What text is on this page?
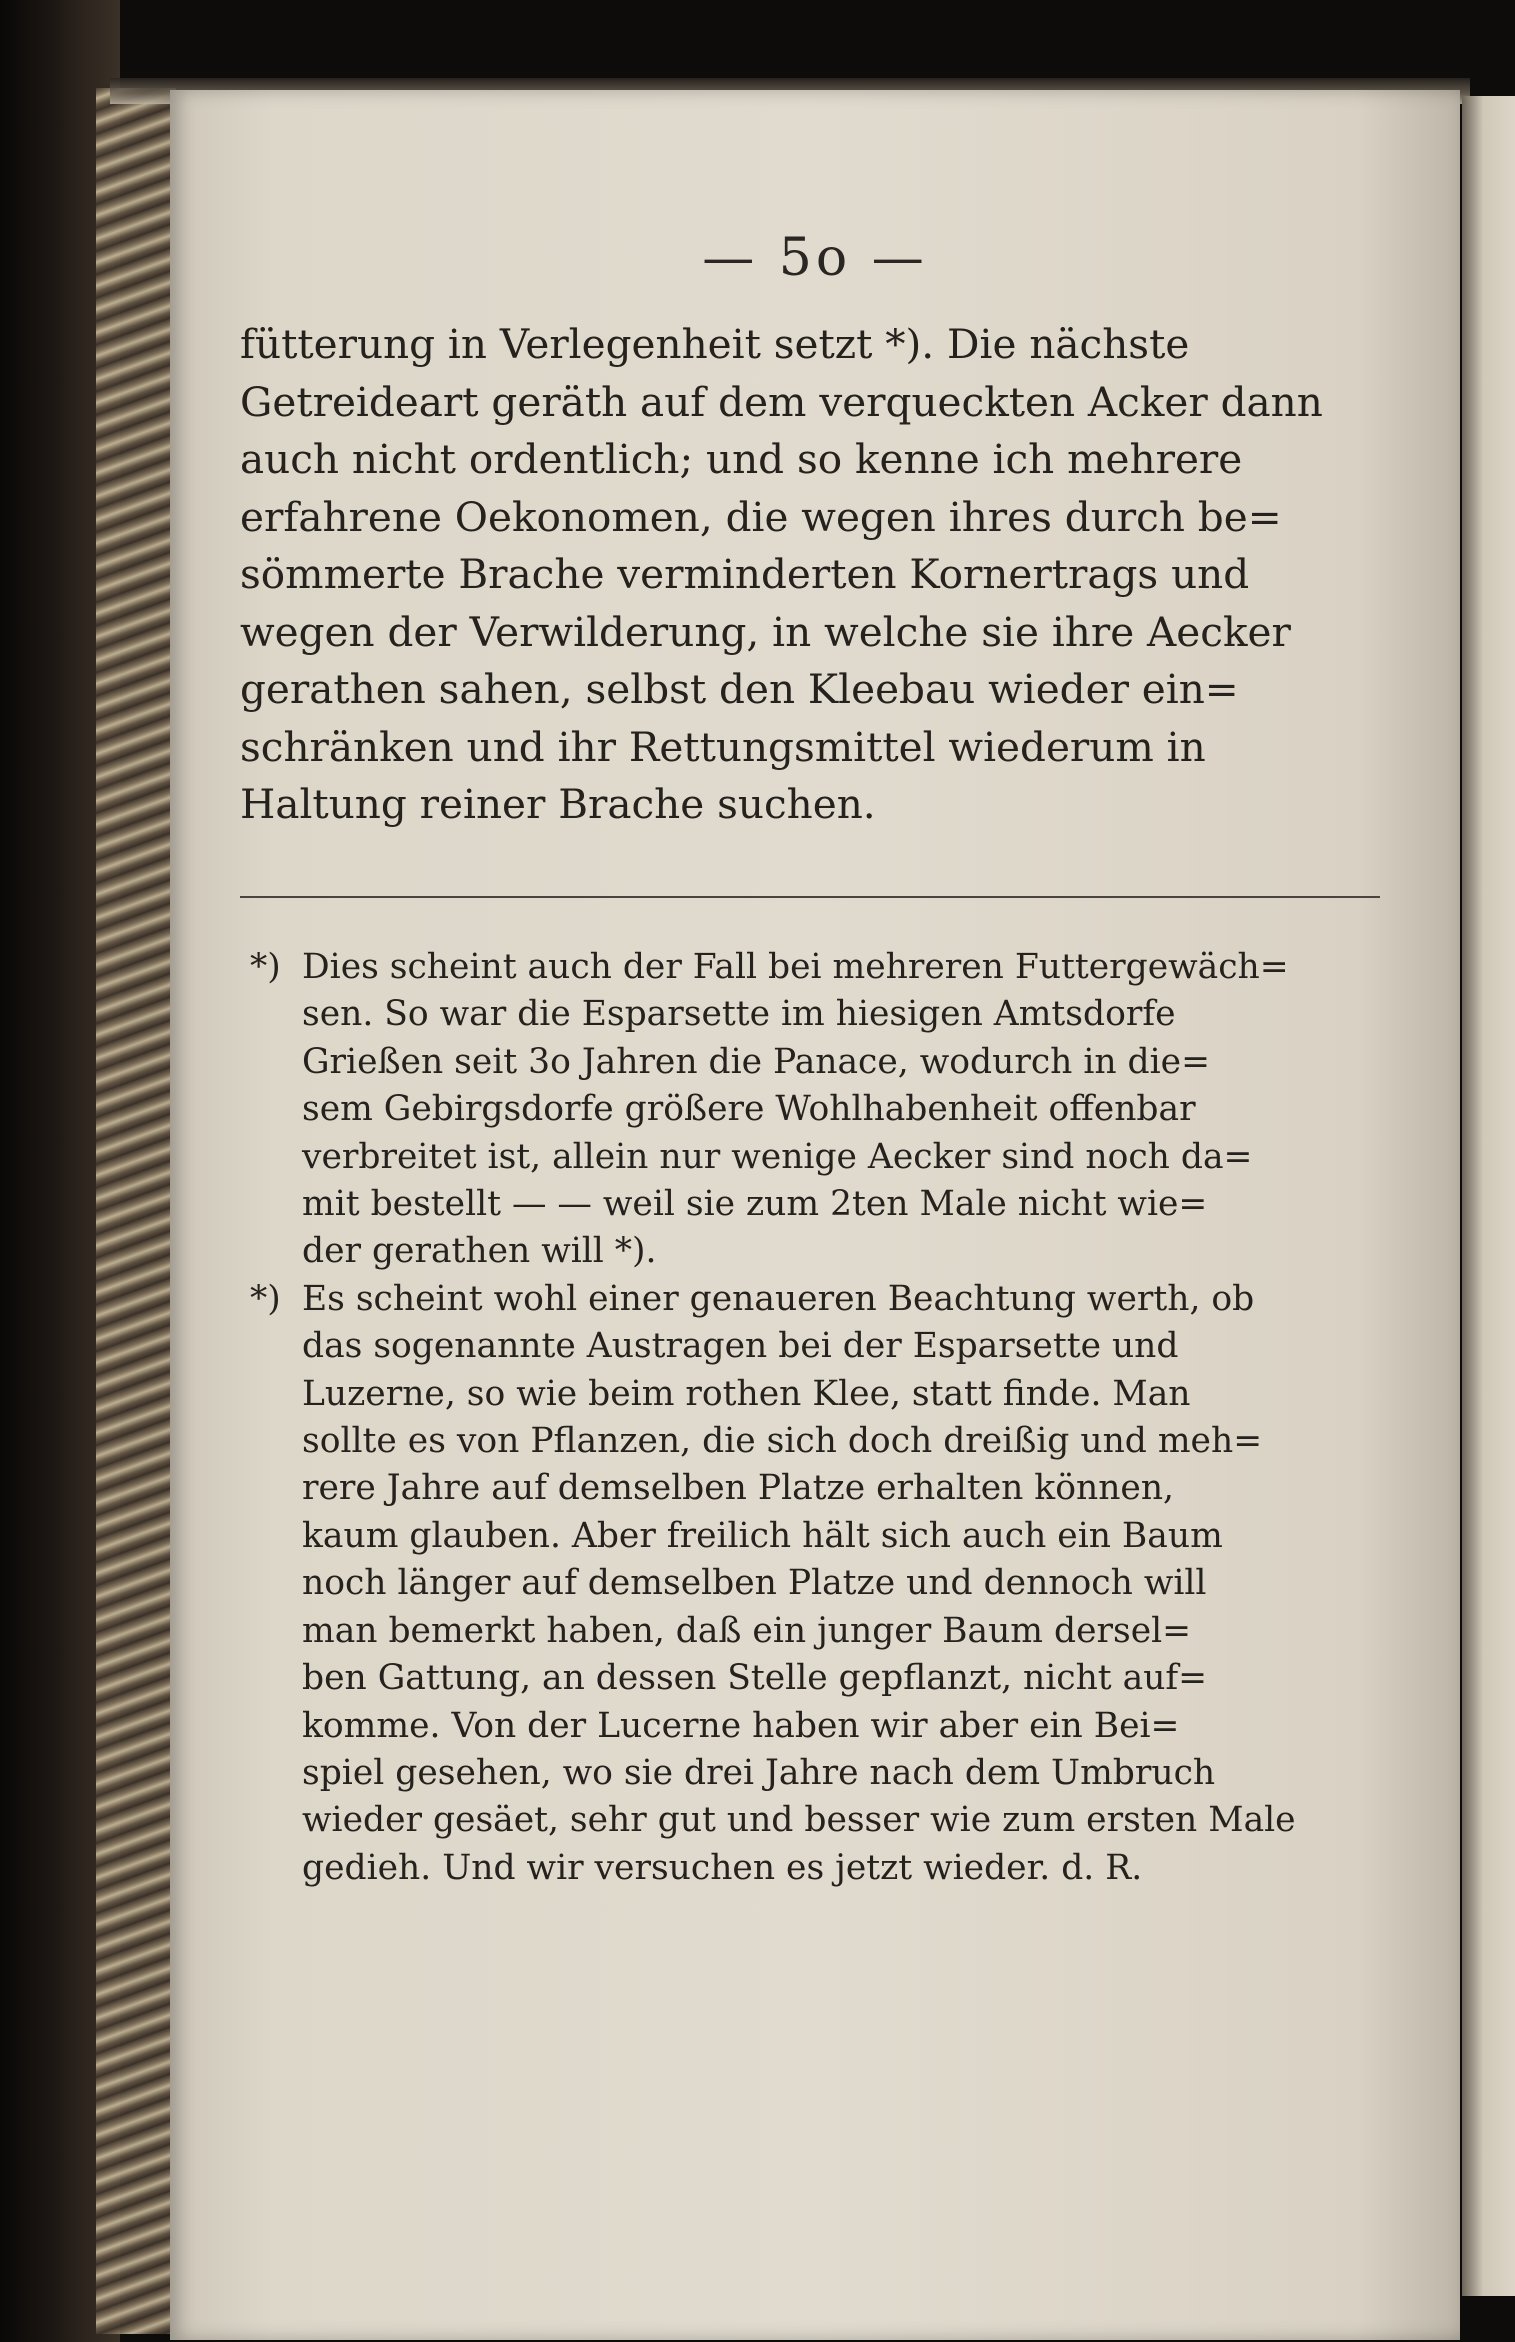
— 5o —
fütterung in Verlegenheit setzt *). Die nächste
Getreideart geräth auf dem verqueckten Acker dann
auch nicht ordentlich; und so kenne ich mehrere
erfahrene Oekonomen, die wegen ihres durch be=
sömmerte Brache verminderten Kornertrags und
wegen der Verwilderung, in welche sie ihre Aecker
gerathen sahen, selbst den Kleebau wieder ein=
schränken und ihr Rettungsmittel wiederum in
Haltung reiner Brache suchen.
*) Dies scheint auch der Fall bei mehreren Futtergewäch=
sen. So war die Esparsette im hiesigen Amtsdorfe
Grießen seit 3o Jahren die Panace, wodurch in die=
sem Gebirgsdorfe größere Wohlhabenheit offenbar
verbreitet ist, allein nur wenige Aecker sind noch da=
mit bestellt — — weil sie zum 2ten Male nicht wie=
der gerathen will *).
*) Es scheint wohl einer genaueren Beachtung werth, ob
das sogenannte Austragen bei der Esparsette und
Luzerne, so wie beim rothen Klee, statt finde. Man
sollte es von Pflanzen, die sich doch dreißig und meh=
rere Jahre auf demselben Platze erhalten können,
kaum glauben. Aber freilich hält sich auch ein Baum
noch länger auf demselben Platze und dennoch will
man bemerkt haben, daß ein junger Baum dersel=
ben Gattung, an dessen Stelle gepflanzt, nicht auf=
komme. Von der Lucerne haben wir aber ein Bei=
spiel gesehen, wo sie drei Jahre nach dem Umbruch
wieder gesäet, sehr gut und besser wie zum ersten Male
gedieh. Und wir versuchen es jetzt wieder. d. R.
